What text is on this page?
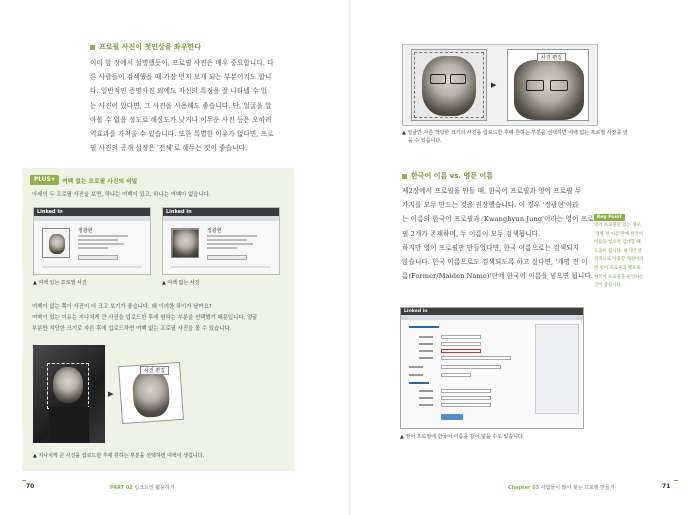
프로필 사진이 첫인상을 좌우한다

이미 앞 장에서 설명했듯이, 프로필 사진은 매우 중요합니다. 다

른 사람들이 검색했을 때 가장 먼저 보게 되는 부분이기도 합니

다. 일반적인 증명사진 외에도 자신의 특징을 잘 나타낼 수 있

는 사진이 있다면, 그 사진을 사용해도 좋습니다. 단, 얼굴을 알

아볼 수 없을 정도로 해상도가 낮거나 어두운 사진 등은 오히려

역효과를 가져올 수 있습니다. 또한 특별한 이유가 없다면, 프로

필 사진의 공개 설정은 '전체'로 해두는 것이 좋습니다.

PLUS+	여백 없는 프로필 사진의 비밀
아래의 두 프로필 사진을 보면, 하나는 여백이 있고, 하나는 여백이 없습니다.
Linked in
정광현
▲ 여백 있는 프로필 사진
Linked in
정광현
▲ 여백 없는 사진

여백이 없는 쪽이 사진이 더 크고 보기가 좋습니다. 왜 이러한 차이가 날까요?

여백이 있는 이유는 지나치게 큰 사진을 업로드한 후에 원하는 부분을 선택했기 때문입니다. 얼굴

부분만 적당한 크기로 자른 후에 업로드하면 여백 없는 프로필 사진을 볼 수 있습니다.

▶
사진 편집
▲ 지나치게 큰 사진을 업로드한 후에 원하는 부분을 선택하면 여백이 생깁니다.
70	PART 02 링크드인 활용하기
▶
사진 편집

▲ 얼굴만 자른 적당한 크기의 사진을 업로드한 후에 원하는 부분을 선택하면 여백 없는 프로필 사진을 얻

을 수 있습니다.

한국어 이름 vs. 영문 이름

제2장에서 프로필을 만들 때, 한국어 프로필과 영어 프로필 두

가지를 모두 만드는 것을 권장했습니다. 이 경우 '정광현'이라

는 이름의 한국어 프로필과 'Kwanghyun Jung'이라는 영어 프로

필 2개가 존재하며, 두 이름이 모두 검색됩니다.

하지만 영어 프로필만 만들었다면, 한국 이름으로는 검색되지

않습니다. 한국 이름으로도 검색되도록 하고 싶다면, '개명 전 이

름(Former/Maiden Name)'란에 한국어 이름을 넣으면 됩니다.

Chapter 03 사람들이 많이 찾는 프로필 만들기	71
Key Point

영어 프로필만 있는 경우,

'개명 전 이름'란에 한국어

이름을 넣으면 검색할 때

도움이 됩니다. 하지만 본

격적으로 사용할 계정이라

면 영어 프로필과 별도로

한국어 프로필을 운영하는

것이 좋습니다.

Linked in
▲ 영어 프로필에 한국어 이름을 같이 넣을 수도 있습니다.
